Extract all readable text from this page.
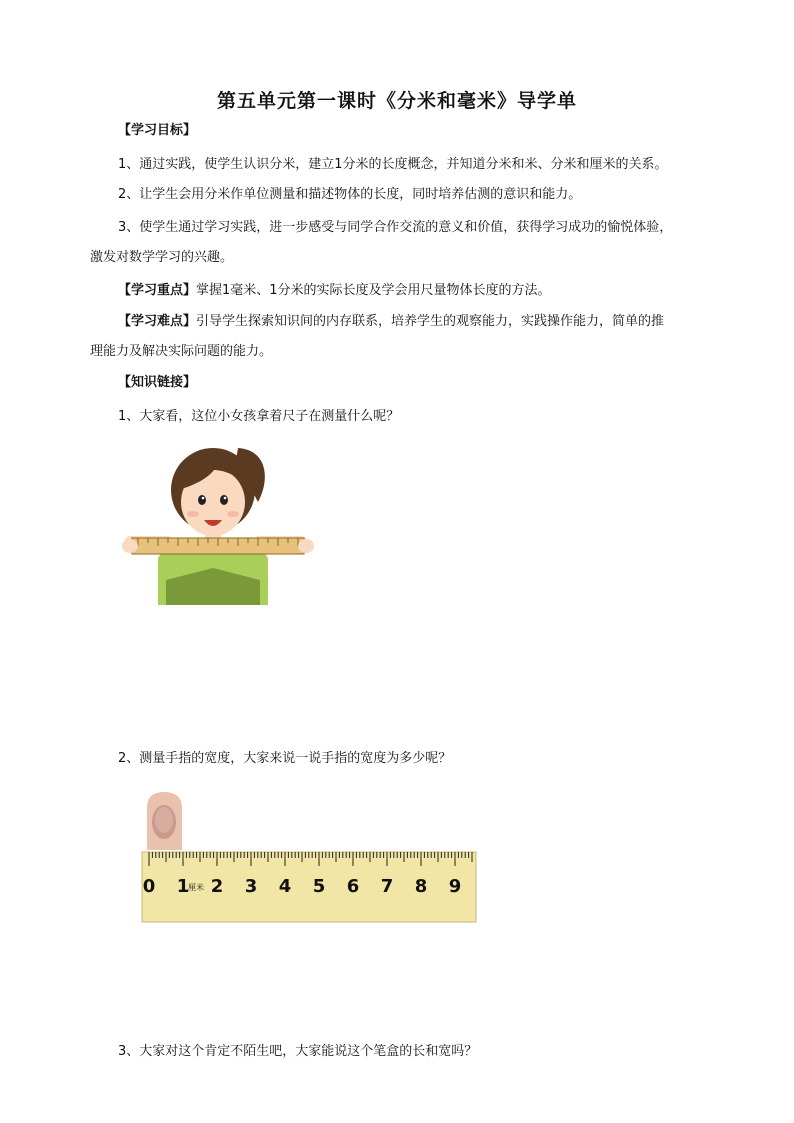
第五单元第一课时《分米和毫米》导学单
【学习目标】
1、通过实践，使学生认识分米，建立1分米的长度概念，并知道分米和米、分米和厘米的关系。
2、让学生会用分米作单位测量和描述物体的长度，同时培养估测的意识和能力。
3、使学生通过学习实践，进一步感受与同学合作交流的意义和价值，获得学习成功的愉悦体验，
激发对数学学习的兴趣。
【学习重点】掌握1毫米、1分米的实际长度及学会用尺量物体长度的方法。
【学习难点】引导学生探索知识间的内存联系，培养学生的观察能力，实践操作能力，简单的推
理能力及解决实际问题的能力。
【知识链接】
1、大家看，这位小女孩拿着尺子在测量什么呢？
2、测量手指的宽度，大家来说一说手指的宽度为多少呢？
0 1 2 3 4 5 6 7 8 9
厘米
3、大家对这个肯定不陌生吧，大家能说这个笔盒的长和宽吗？
